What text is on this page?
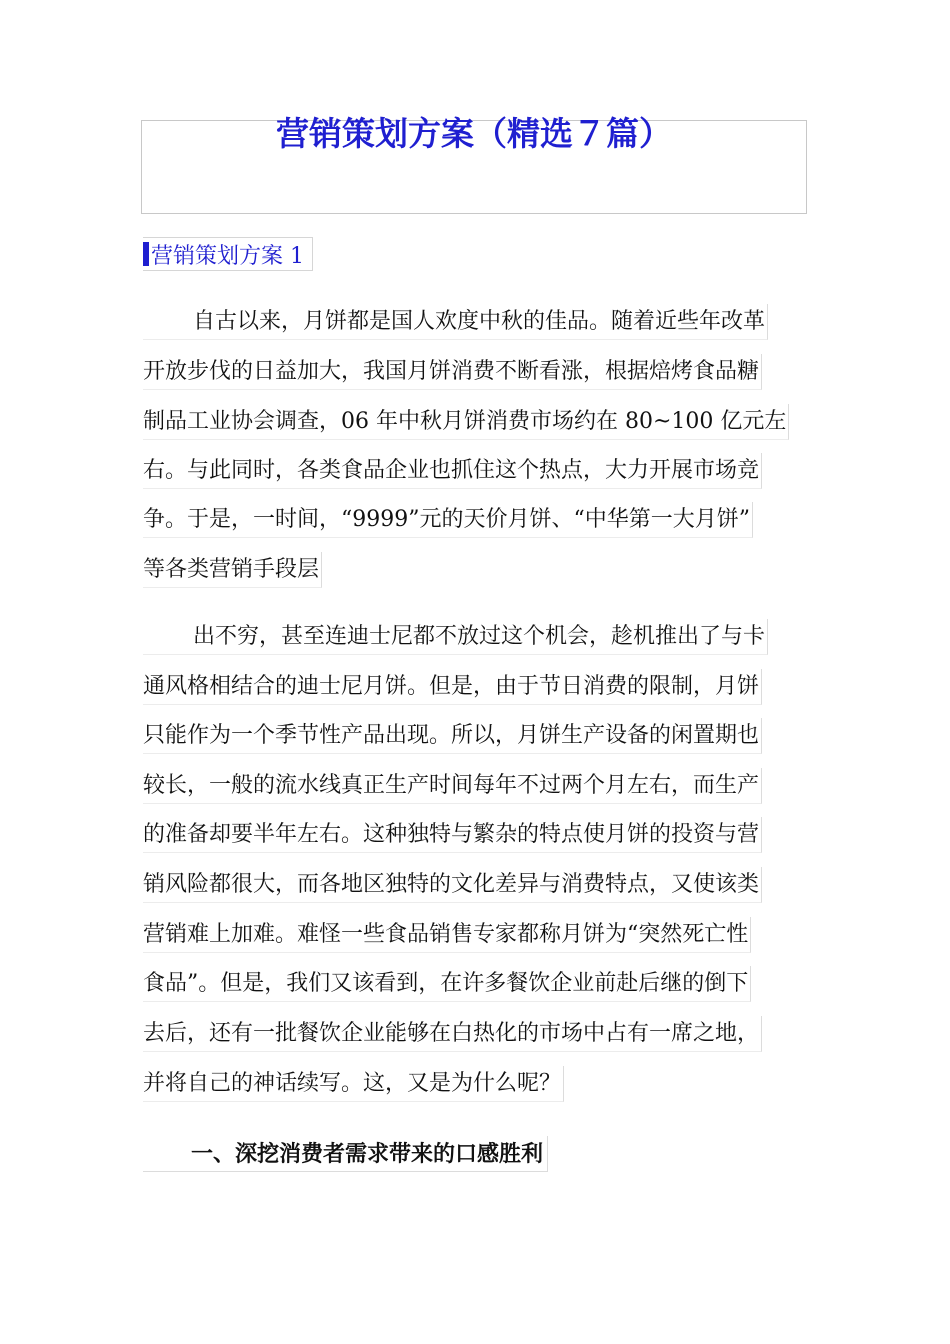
营销策划方案（精选７篇）
营销策划方案 1
自古以来，月饼都是国人欢度中秋的佳品。随着近些年改革
开放步伐的日益加大，我国月饼消费不断看涨，根据焙烤食品糖
制品工业协会调查，06 年中秋月饼消费市场约在 80~100 亿元左
右。与此同时，各类食品企业也抓住这个热点，大力开展市场竞
争。于是，一时间，“9999”元的天价月饼、“中华第一大月饼”
等各类营销手段层
出不穷，甚至连迪士尼都不放过这个机会，趁机推出了与卡
通风格相结合的迪士尼月饼。但是，由于节日消费的限制，月饼
只能作为一个季节性产品出现。所以，月饼生产设备的闲置期也
较长，一般的流水线真正生产时间每年不过两个月左右，而生产
的准备却要半年左右。这种独特与繁杂的特点使月饼的投资与营
销风险都很大，而各地区独特的文化差异与消费特点，又使该类
营销难上加难。难怪一些食品销售专家都称月饼为“突然死亡性
食品”。但是，我们又该看到，在许多餐饮企业前赴后继的倒下
去后，还有一批餐饮企业能够在白热化的市场中占有一席之地，
并将自己的神话续写。这，又是为什么呢？
一、深挖消费者需求带来的口感胜利
